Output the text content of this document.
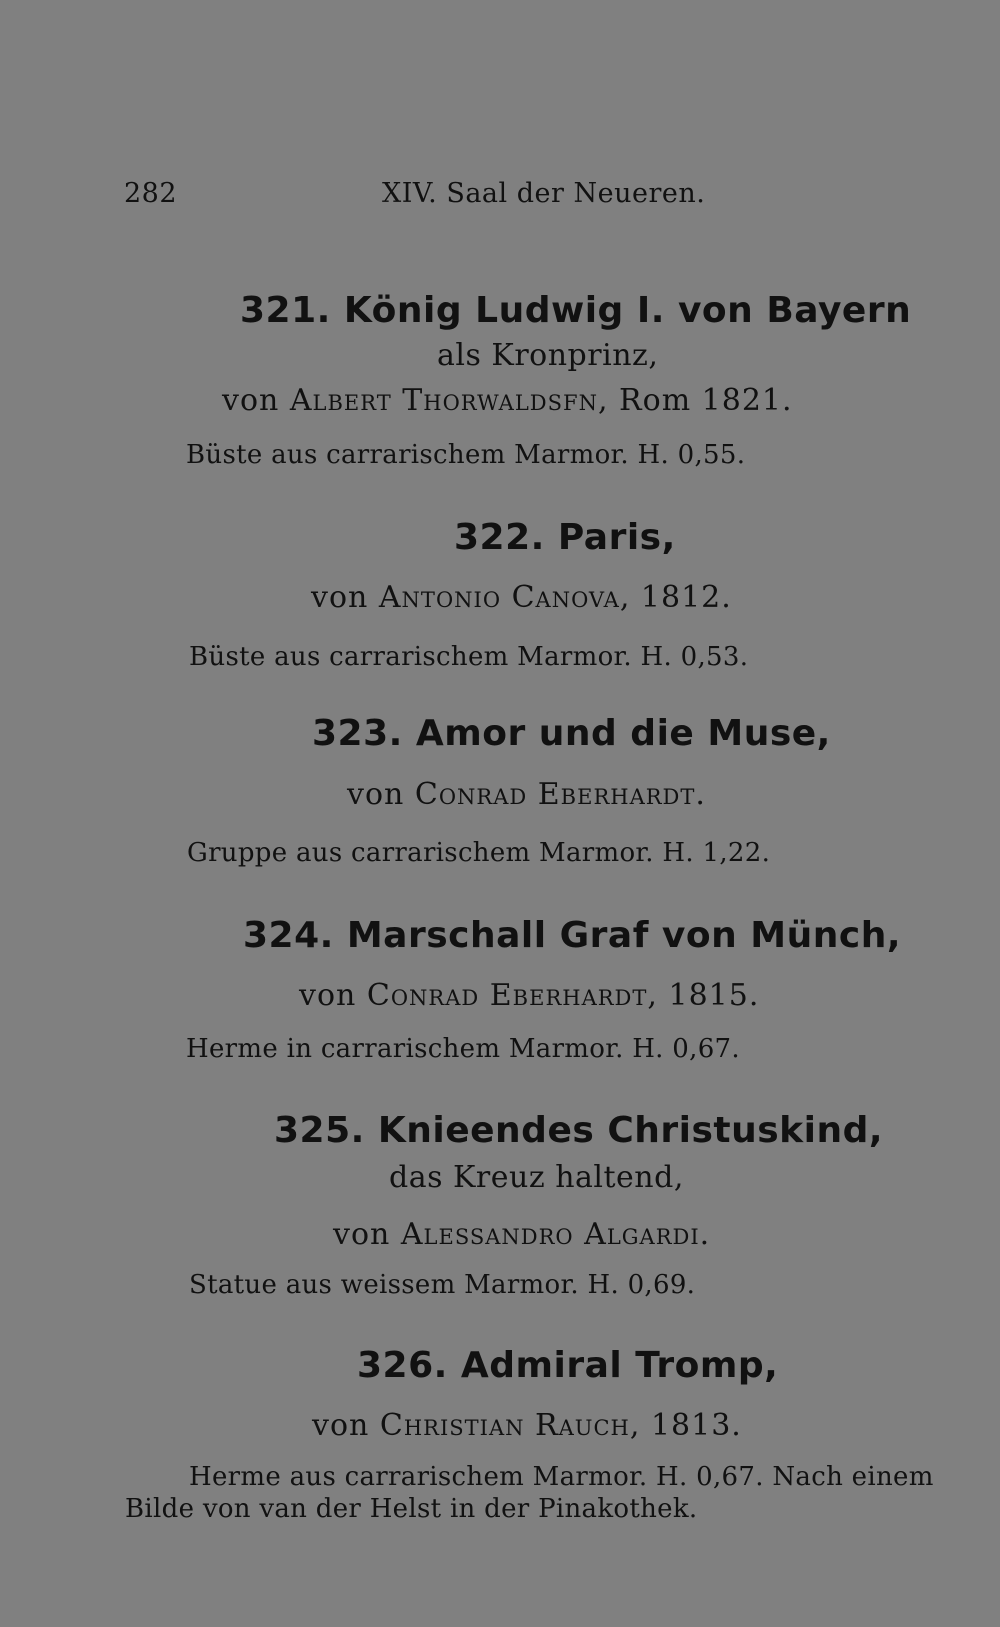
282	XIV. Saal der Neueren.
321. König Ludwig I. von Bayern
als Kronprinz,
von Albert Thorwaldsfn, Rom 1821.
Büste aus carrarischem Marmor. H. 0,55.
322. Paris,
von Antonio Canova, 1812.
Büste aus carrarischem Marmor. H. 0,53.
323. Amor und die Muse,
von Conrad Eberhardt.
Gruppe aus carrarischem Marmor. H. 1,22.
324. Marschall Graf von Münch,
von Conrad Eberhardt, 1815.
Herme in carrarischem Marmor. H. 0,67.
325. Knieendes Christuskind,
das Kreuz haltend,
von Alessandro Algardi.
Statue aus weissem Marmor. H. 0,69.
326. Admiral Tromp,
von Christian Rauch, 1813.
Herme aus carrarischem Marmor. H. 0,67. Nach einem
Bilde von van der Helst in der Pinakothek.
